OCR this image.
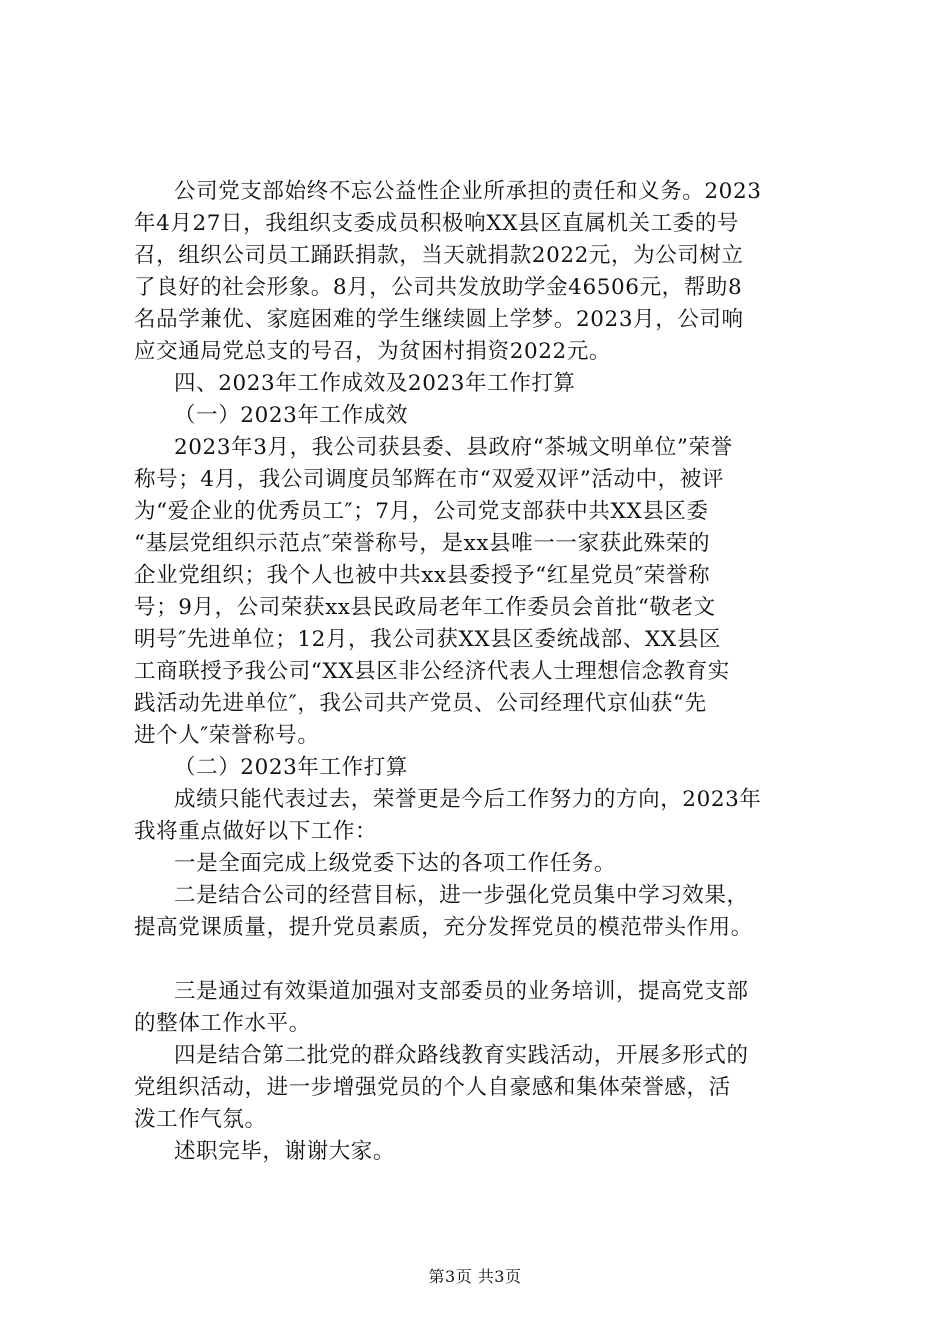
公司党支部始终不忘公益性企业所承担的责任和义务。2023
年4月27日，我组织支委成员积极响XX县区直属机关工委的号
召，组织公司员工踊跃捐款，当天就捐款2022元，为公司树立
了良好的社会形象。8月，公司共发放助学金46506元，帮助8
名品学兼优、家庭困难的学生继续圆上学梦。2023月，公司响
应交通局党总支的号召，为贫困村捐资2022元。
四、2023年工作成效及2023年工作打算
（一）2023年工作成效
2023年3月，我公司获县委、县政府“茶城文明单位”荣誉
称号；4月，我公司调度员邹辉在市“双爱双评”活动中，被评
为“爱企业的优秀员工″；7月，公司党支部获中共XX县区委
“基层党组织示范点″荣誉称号，是xx县唯一一家获此殊荣的
企业党组织；我个人也被中共xx县委授予“红星党员″荣誉称
号；9月，公司荣获xx县民政局老年工作委员会首批“敬老文
明号″先进单位；12月，我公司获XX县区委统战部、XX县区
工商联授予我公司“XX县区非公经济代表人士理想信念教育实
践活动先进单位″，我公司共产党员、公司经理代京仙获“先
进个人″荣誉称号。
（二）2023年工作打算
成绩只能代表过去，荣誉更是今后工作努力的方向，2023年
我将重点做好以下工作：
一是全面完成上级党委下达的各项工作任务。
二是结合公司的经营目标，进一步强化党员集中学习效果，
提高党课质量，提升党员素质，充分发挥党员的模范带头作用。
三是通过有效渠道加强对支部委员的业务培训，提高党支部
的整体工作水平。
四是结合第二批党的群众路线教育实践活动，开展多形式的
党组织活动，进一步增强党员的个人自豪感和集体荣誉感，活
泼工作气氛。
述职完毕，谢谢大家。
第3页 共3页
